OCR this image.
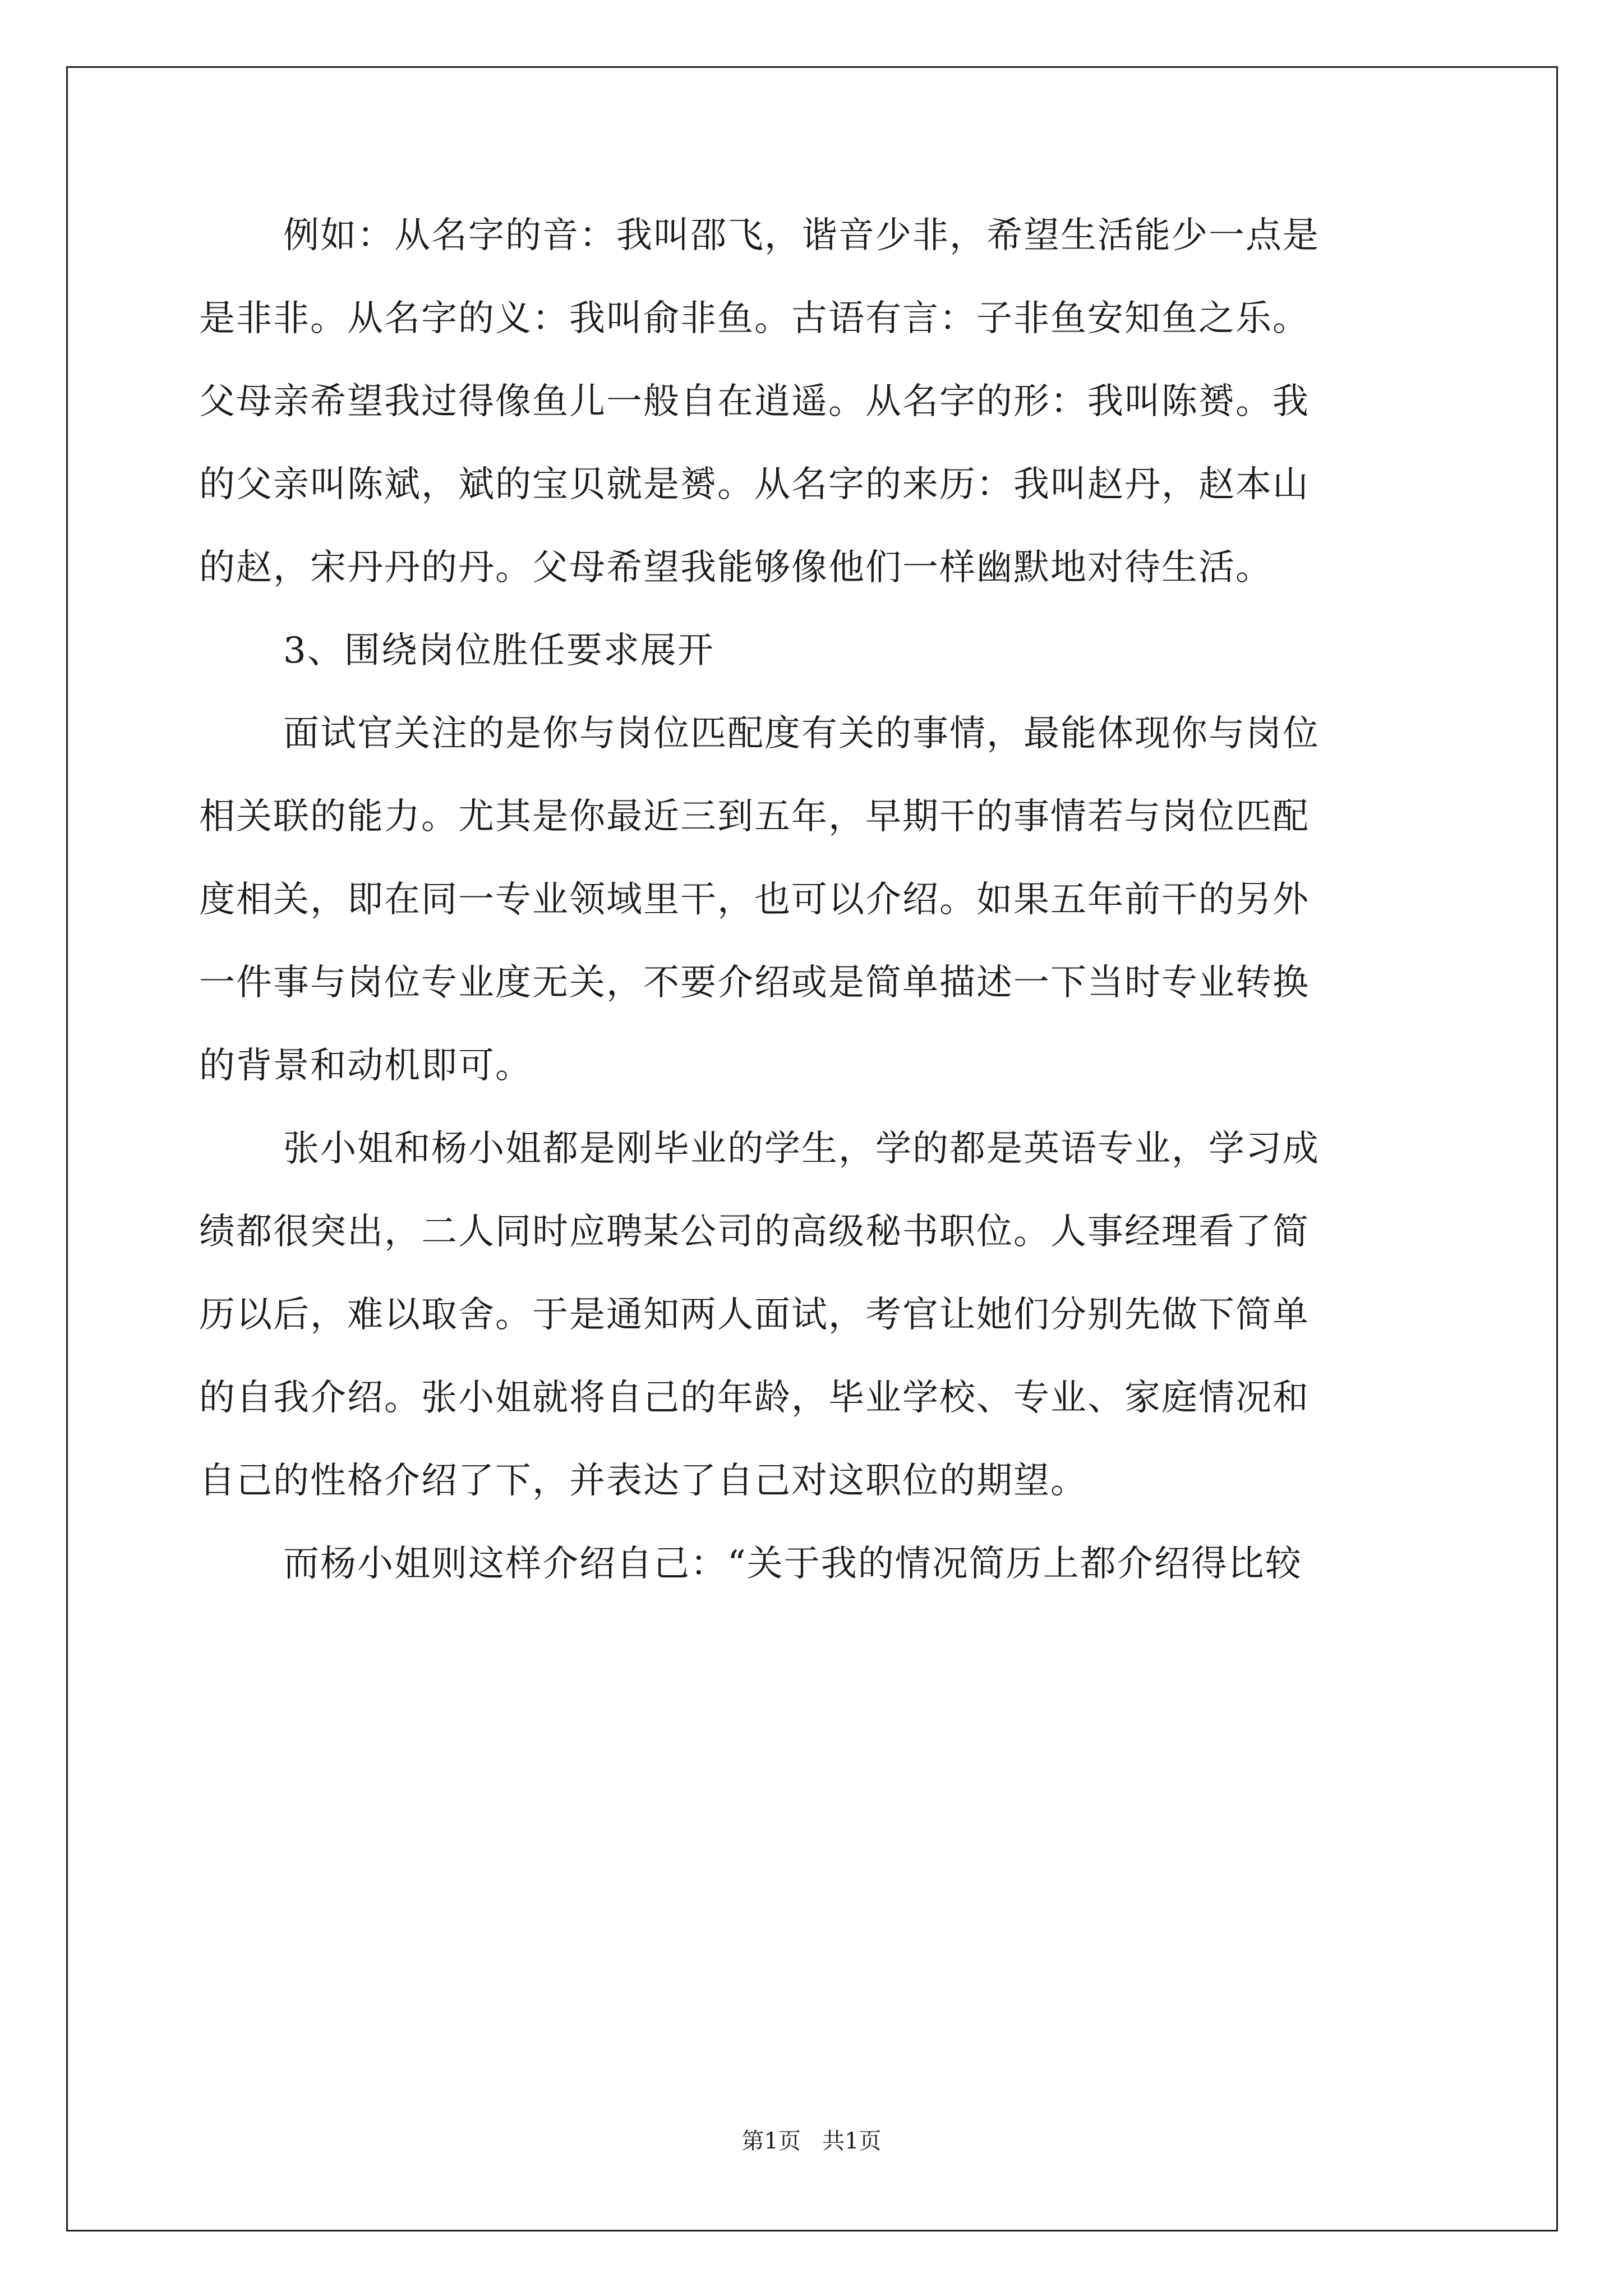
例如：从名字的音：我叫邵飞，谐音少非，希望生活能少一点是
是非非。从名字的义：我叫俞非鱼。古语有言：子非鱼安知鱼之乐。
父母亲希望我过得像鱼儿一般自在逍遥。从名字的形：我叫陈赟。我
的父亲叫陈斌，斌的宝贝就是赟。从名字的来历：我叫赵丹，赵本山
的赵，宋丹丹的丹。父母希望我能够像他们一样幽默地对待生活。
3、围绕岗位胜任要求展开
面试官关注的是你与岗位匹配度有关的事情，最能体现你与岗位
相关联的能力。尤其是你最近三到五年，早期干的事情若与岗位匹配
度相关，即在同一专业领域里干，也可以介绍。如果五年前干的另外
一件事与岗位专业度无关，不要介绍或是简单描述一下当时专业转换
的背景和动机即可。
张小姐和杨小姐都是刚毕业的学生，学的都是英语专业，学习成
绩都很突出，二人同时应聘某公司的高级秘书职位。人事经理看了简
历以后，难以取舍。于是通知两人面试，考官让她们分别先做下简单
的自我介绍。张小姐就将自己的年龄，毕业学校、专业、家庭情况和
自己的性格介绍了下，并表达了自己对这职位的期望。
而杨小姐则这样介绍自己：“关于我的情况简历上都介绍得比较
第1页   共1页
